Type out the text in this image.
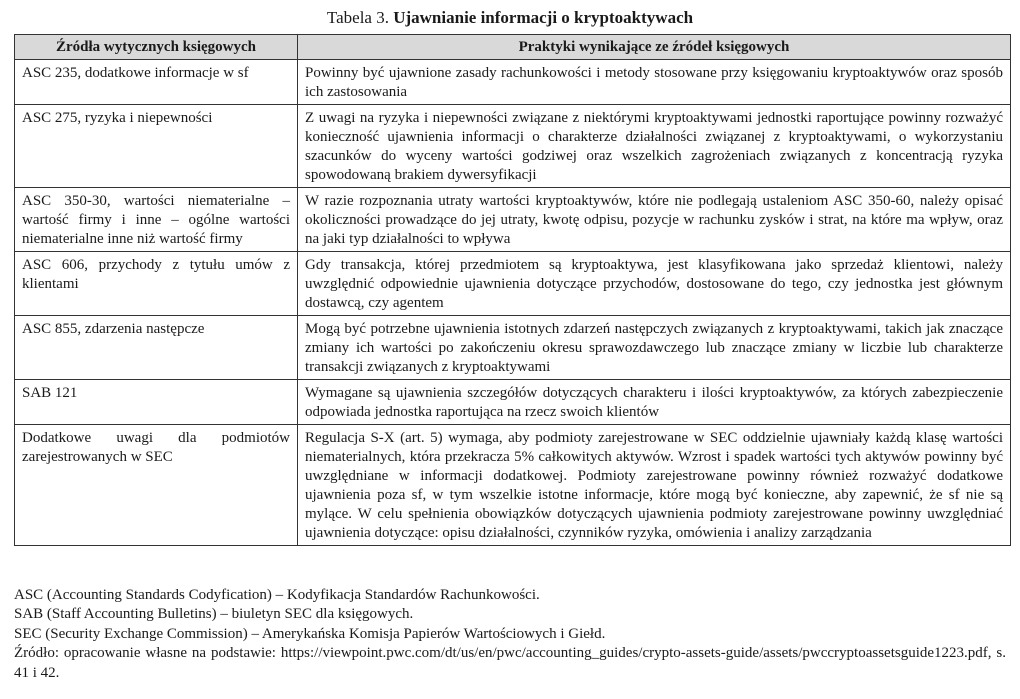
Tabela 3. Ujawnianie informacji o kryptoaktywach
Źródła wytycznych księgowych	Praktyki wynikające ze źródeł księgowych
ASC 235, dodatkowe informacje w sf	Powinny być ujawnione zasady rachunkowości i metody stosowane przy księgowaniu kryptoaktywów oraz sposób ich zastosowania
ASC 275, ryzyka i niepewności	Z uwagi na ryzyka i niepewności związane z niektórymi kryptoaktywami jednostki raportujące powinny rozważyć konieczność ujawnienia informacji o charakterze działalności związanej z kryptoaktywami, o wykorzystaniu szacunków do wyceny wartości godziwej oraz wszelkich zagrożeniach związanych z koncentracją ryzyka spowodowaną brakiem dywersyfikacji
ASC 350-30, wartości niematerialne – wartość firmy i inne – ogólne wartości niematerialne inne niż wartość firmy	W razie rozpoznania utraty wartości kryptoaktywów, które nie podlegają ustaleniom ASC 350-60, należy opisać okoliczności prowadzące do jej utraty, kwotę odpisu, pozycje w rachunku zysków i strat, na które ma wpływ, oraz na jaki typ działalności to wpływa
ASC 606, przychody z tytułu umów z klientami	Gdy transakcja, której przedmiotem są kryptoaktywa, jest klasyfikowana jako sprzedaż klientowi, należy uwzględnić odpowiednie ujawnienia dotyczące przychodów, dostosowane do tego, czy jednostka jest głównym dostawcą, czy agentem
ASC 855, zdarzenia następcze	Mogą być potrzebne ujawnienia istotnych zdarzeń następczych związanych z kryptoaktywami, takich jak znaczące zmiany ich wartości po zakończeniu okresu sprawozdawczego lub znaczące zmiany w liczbie lub charakterze transakcji związanych z kryptoaktywami
SAB 121	Wymagane są ujawnienia szczegółów dotyczących charakteru i ilości kryptoaktywów, za których zabezpieczenie odpowiada jednostka raportująca na rzecz swoich klientów
Dodatkowe uwagi dla podmiotów zarejestrowanych w SEC	Regulacja S-X (art. 5) wymaga, aby podmioty zarejestrowane w SEC oddzielnie ujawniały każdą klasę wartości niematerialnych, która przekracza 5% całkowitych aktywów. Wzrost i spadek wartości tych aktywów powinny być uwzględniane w informacji dodatkowej. Podmioty zarejestrowane powinny również rozważyć dodatkowe ujawnienia poza sf, w tym wszelkie istotne informacje, które mogą być konieczne, aby zapewnić, że sf nie są mylące. W celu spełnienia obowiązków dotyczących ujawnienia podmioty zarejestrowane powinny uwzględniać ujawnienia dotyczące: opisu działalności, czynników ryzyka, omówienia i analizy zarządzania

ASC (Accounting Standards Codyfication) – Kodyfikacja Standardów Rachunkowości.

SAB (Staff Accounting Bulletins) – biuletyn SEC dla księgowych.

SEC (Security Exchange Commission) – Amerykańska Komisja Papierów Wartościowych i Giełd.

Źródło: opracowanie własne na podstawie: https://viewpoint.pwc.com/dt/us/en/pwc/accounting_guides/crypto-assets-guide/assets/pwccryptoassetsguide1223.pdf, s. 41 i 42.
